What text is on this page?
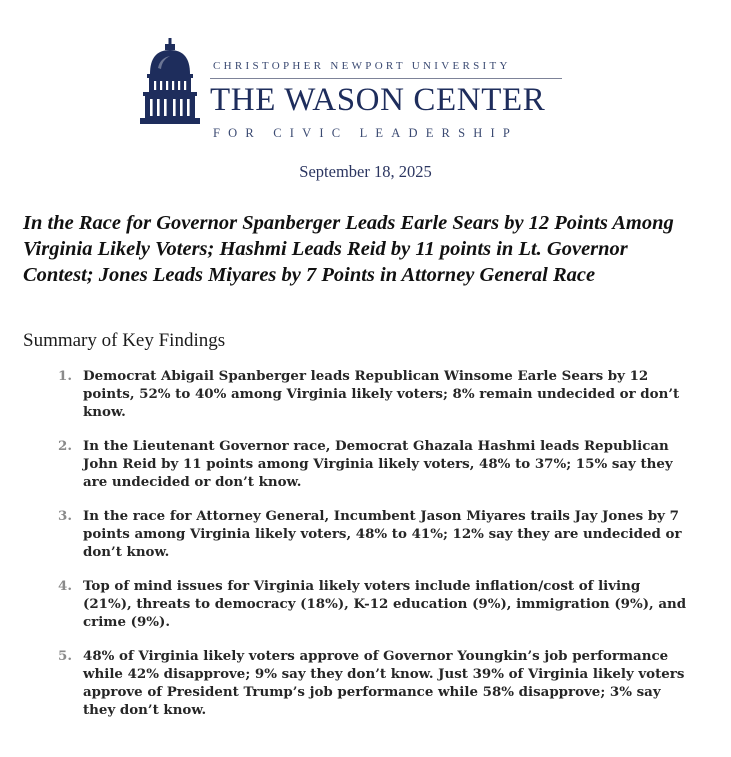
CHRISTOPHER NEWPORT UNIVERSITY
THE WASON CENTER
FOR CIVIC LEADERSHIP
September 18, 2025
In the Race for Governor Spanberger Leads Earle Sears by 12 Points Among Virginia Likely Voters; Hashmi Leads Reid by 11 points in Lt. Governor Contest; Jones Leads Miyares by 7 Points in Attorney General Race
Summary of Key Findings
1. Democrat Abigail Spanberger leads Republican Winsome Earle Sears by 12 points, 52% to 40% among Virginia likely voters; 8% remain undecided or don’t know.
2. In the Lieutenant Governor race, Democrat Ghazala Hashmi leads Republican John Reid by 11 points among Virginia likely voters, 48% to 37%; 15% say they are undecided or don’t know.
3. In the race for Attorney General, Incumbent Jason Miyares trails Jay Jones by 7 points among Virginia likely voters, 48% to 41%; 12% say they are undecided or don’t know.
4. Top of mind issues for Virginia likely voters include inflation/cost of living (21%), threats to democracy (18%), K-12 education (9%), immigration (9%), and crime (9%).
5. 48% of Virginia likely voters approve of Governor Youngkin’s job performance while 42% disapprove; 9% say they don’t know. Just 39% of Virginia likely voters approve of President Trump’s job performance while 58% disapprove; 3% say they don’t know.
